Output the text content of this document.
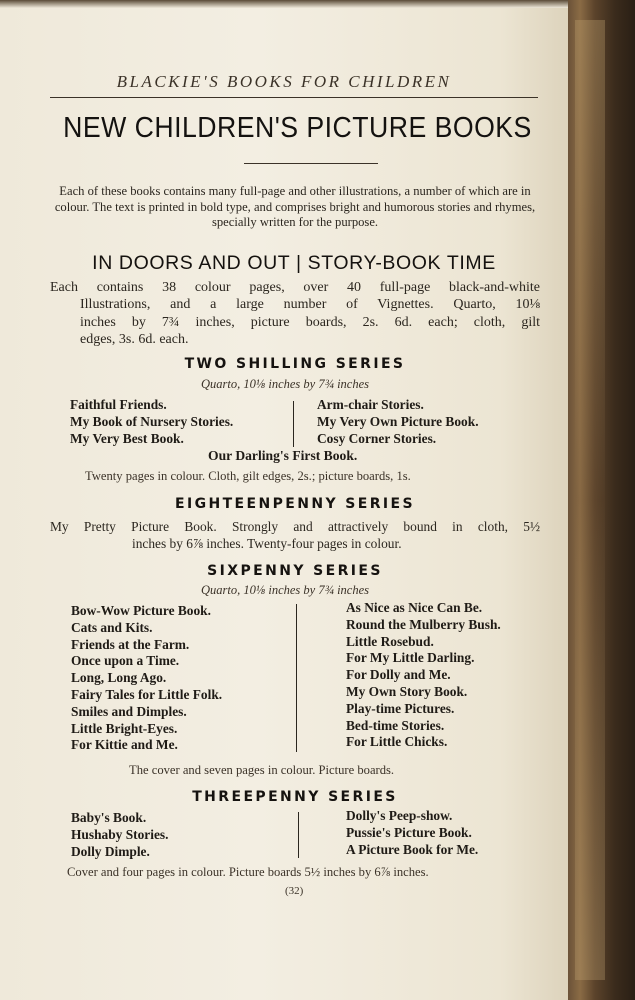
BLACKIE'S BOOKS FOR CHILDREN
NEW CHILDREN'S PICTURE BOOKS
Each of these books contains many full-page and other illustrations, a number of which are in colour. The text is printed in bold type, and comprises bright and humorous stories and rhymes, specially written for the purpose.
IN DOORS AND OUT | STORY-BOOK TIME
Each contains 38 colour pages, over 40 full-page black-and-white
Illustrations, and a large number of Vignettes. Quarto, 10⅛
inches by 7¾ inches, picture boards, 2s. 6d. each; cloth, gilt
edges, 3s. 6d. each.
TWO SHILLING SERIES
Quarto, 10⅛ inches by 7¾ inches
Faithful Friends.
My Book of Nursery Stories.
My Very Best Book.
Arm-chair Stories.
My Very Own Picture Book.
Cosy Corner Stories.
Our Darling's First Book.
Twenty pages in colour. Cloth, gilt edges, 2s.; picture boards, 1s.
EIGHTEENPENNY SERIES
My Pretty Picture Book. Strongly and attractively bound in cloth, 5½
inches by 6⅞ inches. Twenty-four pages in colour.
SIXPENNY SERIES
Quarto, 10⅛ inches by 7¾ inches
Bow-Wow Picture Book.
Cats and Kits.
Friends at the Farm.
Once upon a Time.
Long, Long Ago.
Fairy Tales for Little Folk.
Smiles and Dimples.
Little Bright-Eyes.
For Kittie and Me.
As Nice as Nice Can Be.
Round the Mulberry Bush.
Little Rosebud.
For My Little Darling.
For Dolly and Me.
My Own Story Book.
Play-time Pictures.
Bed-time Stories.
For Little Chicks.
The cover and seven pages in colour. Picture boards.
THREEPENNY SERIES
Baby's Book.
Hushaby Stories.
Dolly Dimple.
Dolly's Peep-show.
Pussie's Picture Book.
A Picture Book for Me.
Cover and four pages in colour. Picture boards 5½ inches by 6⅞ inches.
(32)
